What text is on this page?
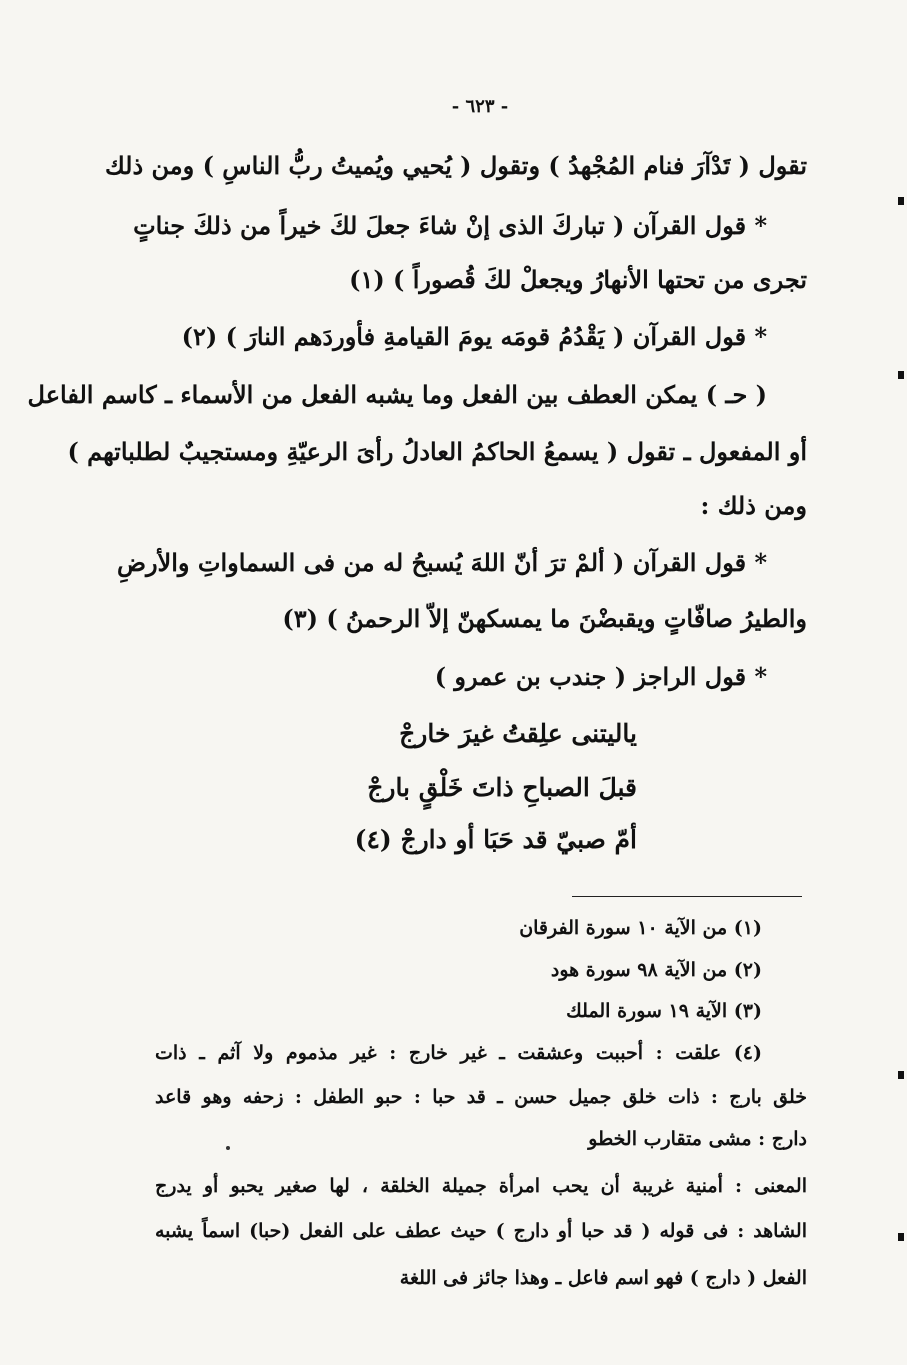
- ٦٢٣ -
تقول ( تَدْآرَ فنام المُجْهدُ ) وتقول ( يُحيي ويُميتُ ربُّ الناسِ ) ومن ذلك
* قول القرآن ( تباركَ الذى إنْ شاءَ جعلَ لكَ خيراً من ذلكَ جناتٍ
تجرى من تحتها الأنهارُ ويجعلْ لكَ قُصوراً ) (١)
* قول القرآن ( يَقْدُمُ قومَه يومَ القيامةِ فأوردَهم النارَ ) (٢)
( حـ ) يمكن العطف بين الفعل وما يشبه الفعل من الأسماء ـ كاسم الفاعل
أو المفعول ـ تقول ( يسمعُ الحاكمُ العادلُ رأىَ الرعيّةِ ومستجيبٌ لطلباتهم )
ومن ذلك :
* قول القرآن ( ألمْ ترَ أنّ اللهَ يُسبحُ له من فى السماواتِ والأرضِ
والطيرُ صافّاتٍ ويقبضْنَ ما يمسكهنّ إلاّ الرحمنُ ) (٣)
* قول الراجز ( جندب بن عمرو )
ياليتنى علِقتُ غيرَ خارجْ
قبلَ الصباحِ ذاتَ خَلْقٍ بارجْ
أمّ صبيّ قد حَبَا أو دارجْ (٤)
(١) من الآية ١٠ سورة الفرقان
(٢) من الآية ٩٨ سورة هود
(٣) الآية ١٩ سورة الملك
(٤) علقت : أحببت وعشقت ـ غير خارج : غير مذموم ولا آثم ـ ذات
خلق بارج : ذات خلق جميل حسن ـ قد حبا : حبو الطفل : زحفه وهو قاعد
دارج : مشى متقارب الخطو
المعنى : أمنية غريبة أن يحب امرأة جميلة الخلقة ، لها صغير يحبو أو يدرج
الشاهد : فى قوله ( قد حبا أو دارج ) حيث عطف على الفعل (حبا) اسماً يشبه
الفعل ( دارج ) فهو اسم فاعل ـ وهذا جائز فى اللغة
